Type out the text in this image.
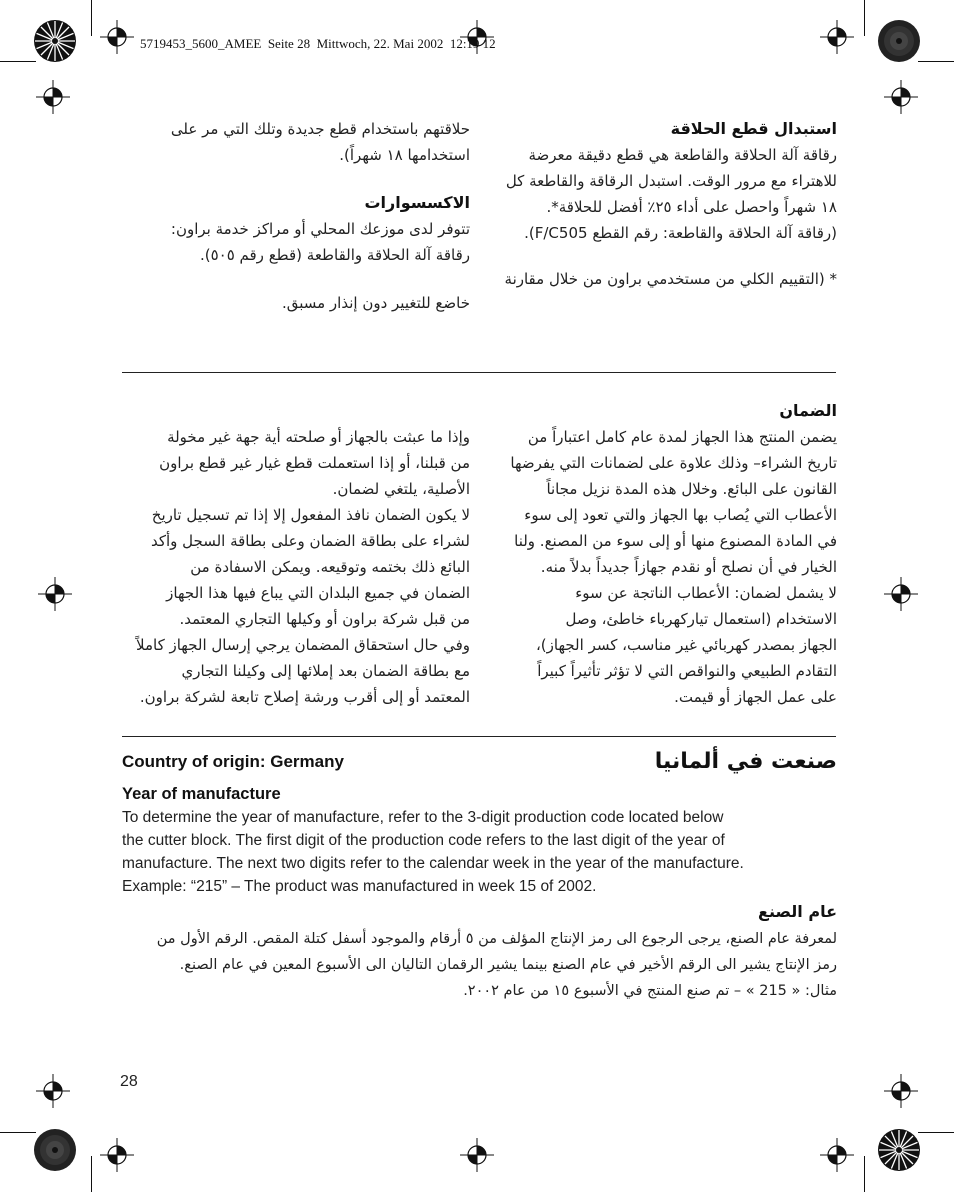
5719453_5600_AMEE  Seite 28  Mittwoch, 22. Mai 2002  12:19 12
استبدال قطع الحلاقة

رقاقة آلة الحلاقة والقاطعة هي قطع دقيقة معرضة

للاهتراء مع مرور الوقت. استبدل الرقاقة والقاطعة كل

١٨ شهراً واحصل على أداء ٢٥٪ أفضل للحلاقة*.

(رقاقة آلة الحلاقة والقاطعة: رقم القطع F/C505).

* (التقييم الكلي من مستخدمي براون من خلال مقارنة

حلاقتهم باستخدام قطع جديدة وتلك التي مر على

استخدامها ١٨ شهراً).

الاكسسوارات

تتوفر لدى موزعك المحلي أو مراكز خدمة براون:

رقاقة آلة الحلاقة والقاطعة (قطع رقم ٥٠٥).

خاضع للتغيير دون إنذار مسبق.
الضمان

يضمن المنتج هذا الجهاز لمدة عام كامل اعتباراً من

تاريخ الشراء– وذلك علاوة على لضمانات التي يفرضها

القانون على البائع. وخلال هذه المدة نزيل مجاناً

الأعطاب التي يُصاب بها الجهاز والتي تعود إلى سوء

في المادة المصنوع منها أو إلى سوء من المصنع. ولنا

الخيار في أن نصلح أو نقدم جهازاً جديداً بدلاً منه.

لا يشمل لضمان: الأعطاب الناتجة عن سوء

الاستخدام (استعمال تياركهرباء خاطئ، وصل

الجهاز بمصدر كهربائي غير مناسب، كسر الجهاز)،

التقادم الطبيعي والنواقص التي لا تؤثر تأثيراً كبيراً

على عمل الجهاز أو قيمت.

وإذا ما عبثت بالجهاز أو صلحته أية جهة غير مخولة

من قبلنا، أو إذا استعملت قطع غيار غير قطع براون

الأصلية، يلتغي لضمان.

لا يكون الضمان نافذ المفعول إلا إذا تم تسجيل تاريخ

لشراء على بطاقة الضمان وعلى بطاقة السجل وأكد

البائع ذلك بختمه وتوقيعه. ويمكن الاسفادة من

الضمان في جميع البلدان التي يباع فيها هذا الجهاز

من قبل شركة براون أو وكيلها التجاري المعتمد.

وفي حال استحقاق المضمان يرجي إرسال الجهاز كاملاً

مع بطاقة الضمان بعد إملائها إلى وكيلنا التجاري

المعتمد أو إلى أقرب ورشة إصلاح تابعة لشركة براون.

Country of origin: Germany	صنعت في ألمانيا
Year of manufacture
To determine the year of manufacture, refer to the 3-digit production code located below
the cutter block. The first digit of the production code refers to the last digit of the year of
manufacture. The next two digits refer to the calendar week in the year of the manufacture.
Example: “215” – The product was manufactured in week 15 of 2002.
عام الصنع

لمعرفة عام الصنع، يرجى الرجوع الى رمز الإنتاج المؤلف من ٥ أرقام والموجود أسفل كتلة المقص. الرقم الأول من

رمز الإنتاج يشير الى الرقم الأخير في عام الصنع بينما يشير الرقمان التاليان الى الأسبوع المعين في عام الصنع.

مثال: « 215 » – تم صنع المنتج في الأسبوع ١٥ من عام ٢٠٠٢.

28
